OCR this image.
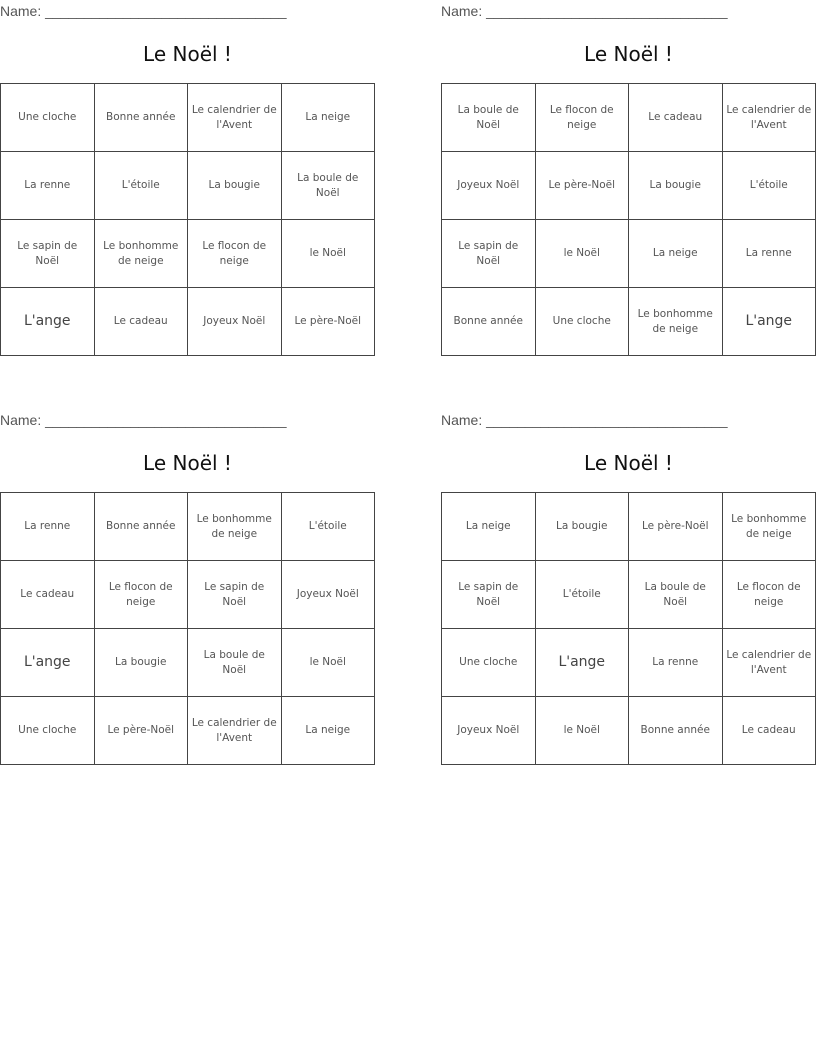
Name: _______________________________
Le Noël !
Une cloche	Bonne année	Le calendrier de l'Avent	La neige
La renne	L'étoile	La bougie	La boule de Noël
Le sapin de Noël	Le bonhomme de neige	Le flocon de neige	le Noël
L'ange	Le cadeau	Joyeux Noël	Le père-Noël
Name: _______________________________
Le Noël !
La boule de Noël	Le flocon de neige	Le cadeau	Le calendrier de l'Avent
Joyeux Noël	Le père-Noël	La bougie	L'étoile
Le sapin de Noël	le Noël	La neige	La renne
Bonne année	Une cloche	Le bonhomme de neige	L'ange
Name: _______________________________
Le Noël !
La renne	Bonne année	Le bonhomme de neige	L'étoile
Le cadeau	Le flocon de neige	Le sapin de Noël	Joyeux Noël
L'ange	La bougie	La boule de Noël	le Noël
Une cloche	Le père-Noël	Le calendrier de l'Avent	La neige
Name: _______________________________
Le Noël !
La neige	La bougie	Le père-Noël	Le bonhomme de neige
Le sapin de Noël	L'étoile	La boule de Noël	Le flocon de neige
Une cloche	L'ange	La renne	Le calendrier de l'Avent
Joyeux Noël	le Noël	Bonne année	Le cadeau
